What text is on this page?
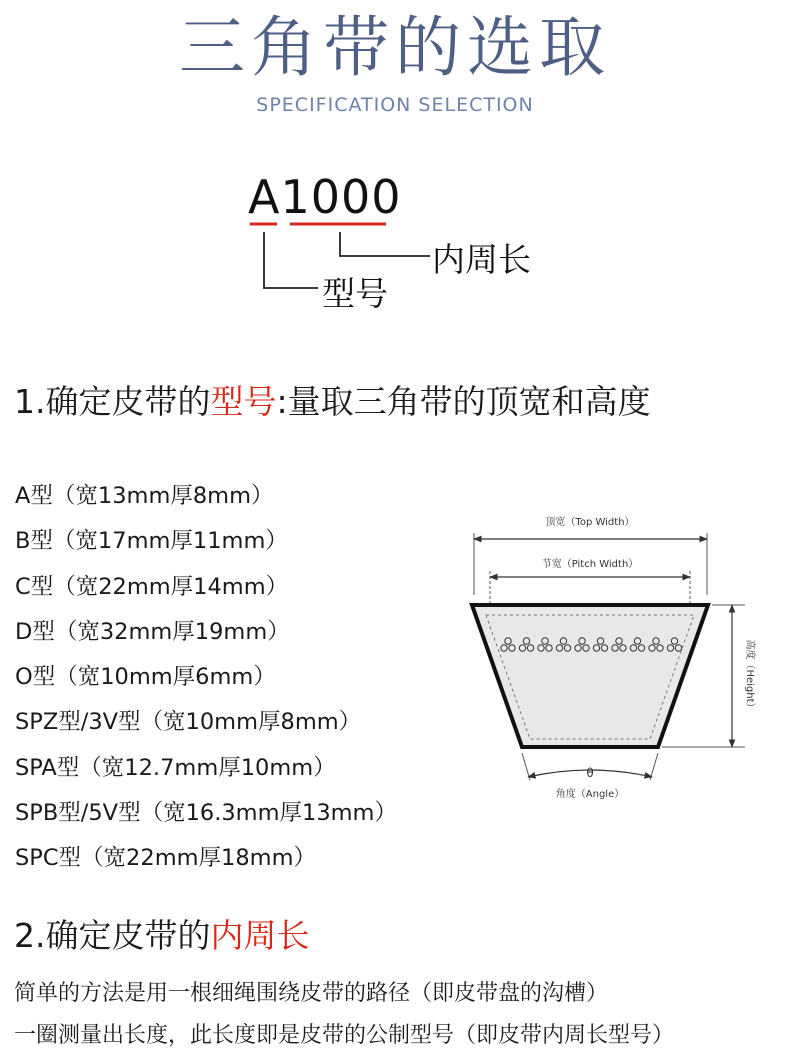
三角带的选取
SPECIFICATION SELECTION
A1000
内周长
型号
1.确定皮带的型号:量取三角带的顶宽和高度
A型（宽13mm厚8mm）
B型（宽17mm厚11mm）
C型（宽22mm厚14mm）
D型（宽32mm厚19mm）
O型（宽10mm厚6mm）
SPZ型/3V型（宽10mm厚8mm）
SPA型（宽12.7mm厚10mm）
SPB型/5V型（宽16.3mm厚13mm）
SPC型（宽22mm厚18mm）
顶宽（Top Width）
节宽（Pitch Width）
高度（Height）
θ
角度（Angle）
2.确定皮带的内周长
简单的方法是用一根细绳围绕皮带的路径（即皮带盘的沟槽）
一圈测量出长度，此长度即是皮带的公制型号（即皮带内周长型号）
